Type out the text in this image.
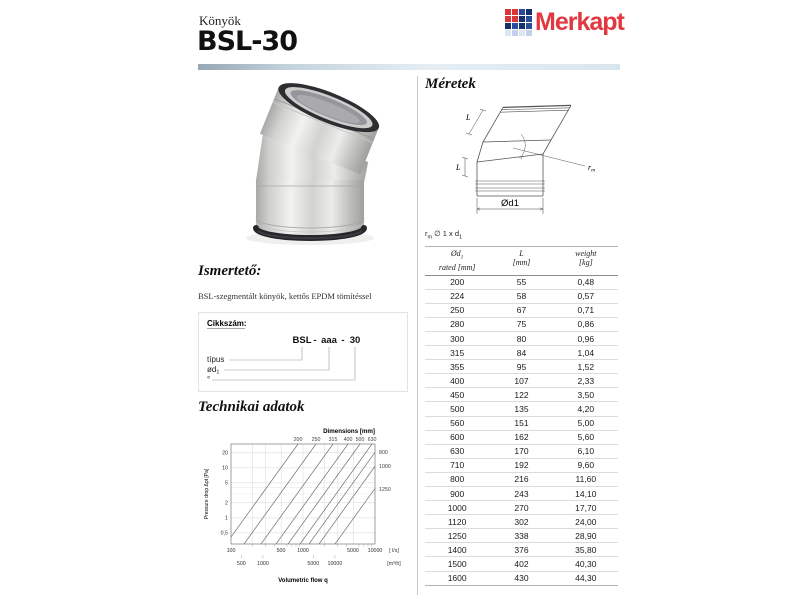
Könyök
BSL-30
Merkapt
Ismertető:
BSL-szegmentált könyök, kettős EPDM tömítéssel
Cikkszám:
BSL - aaa - 30
típus
ød1
°
Technikai adatok
Dimensions [mm]
200 250 315 400 500 630
800
1000
1250
20
10
5
2
1
0,5
100	500 1000	5000 10000 [ l/s]
500 1000	5000 10000	[m³/h]
Volumetric flow q
Pressure drop Δpt [Pa]
Méretek
L
L	rm
Ød1
$r_m$ ∅ 1 x $d_1$
$Ød_1$
rated [mm]
L
[mm]
weight
[kg]
200	55	0,48
224	58	0,57
250	67	0,71
280	75	0,86
300	80	0,96
315	84	1,04
355	95	1,52
400	107	2,33
450	122	3,50
500	135	4,20
560	151	5,00
600	162	5,60
630	170	6,10
710	192	9,60
800	216	11,60
900	243	14,10
1000	270	17,70
1120	302	24,00
1250	338	28,90
1400	376	35,80
1500	402	40,30
1600	430	44,30
